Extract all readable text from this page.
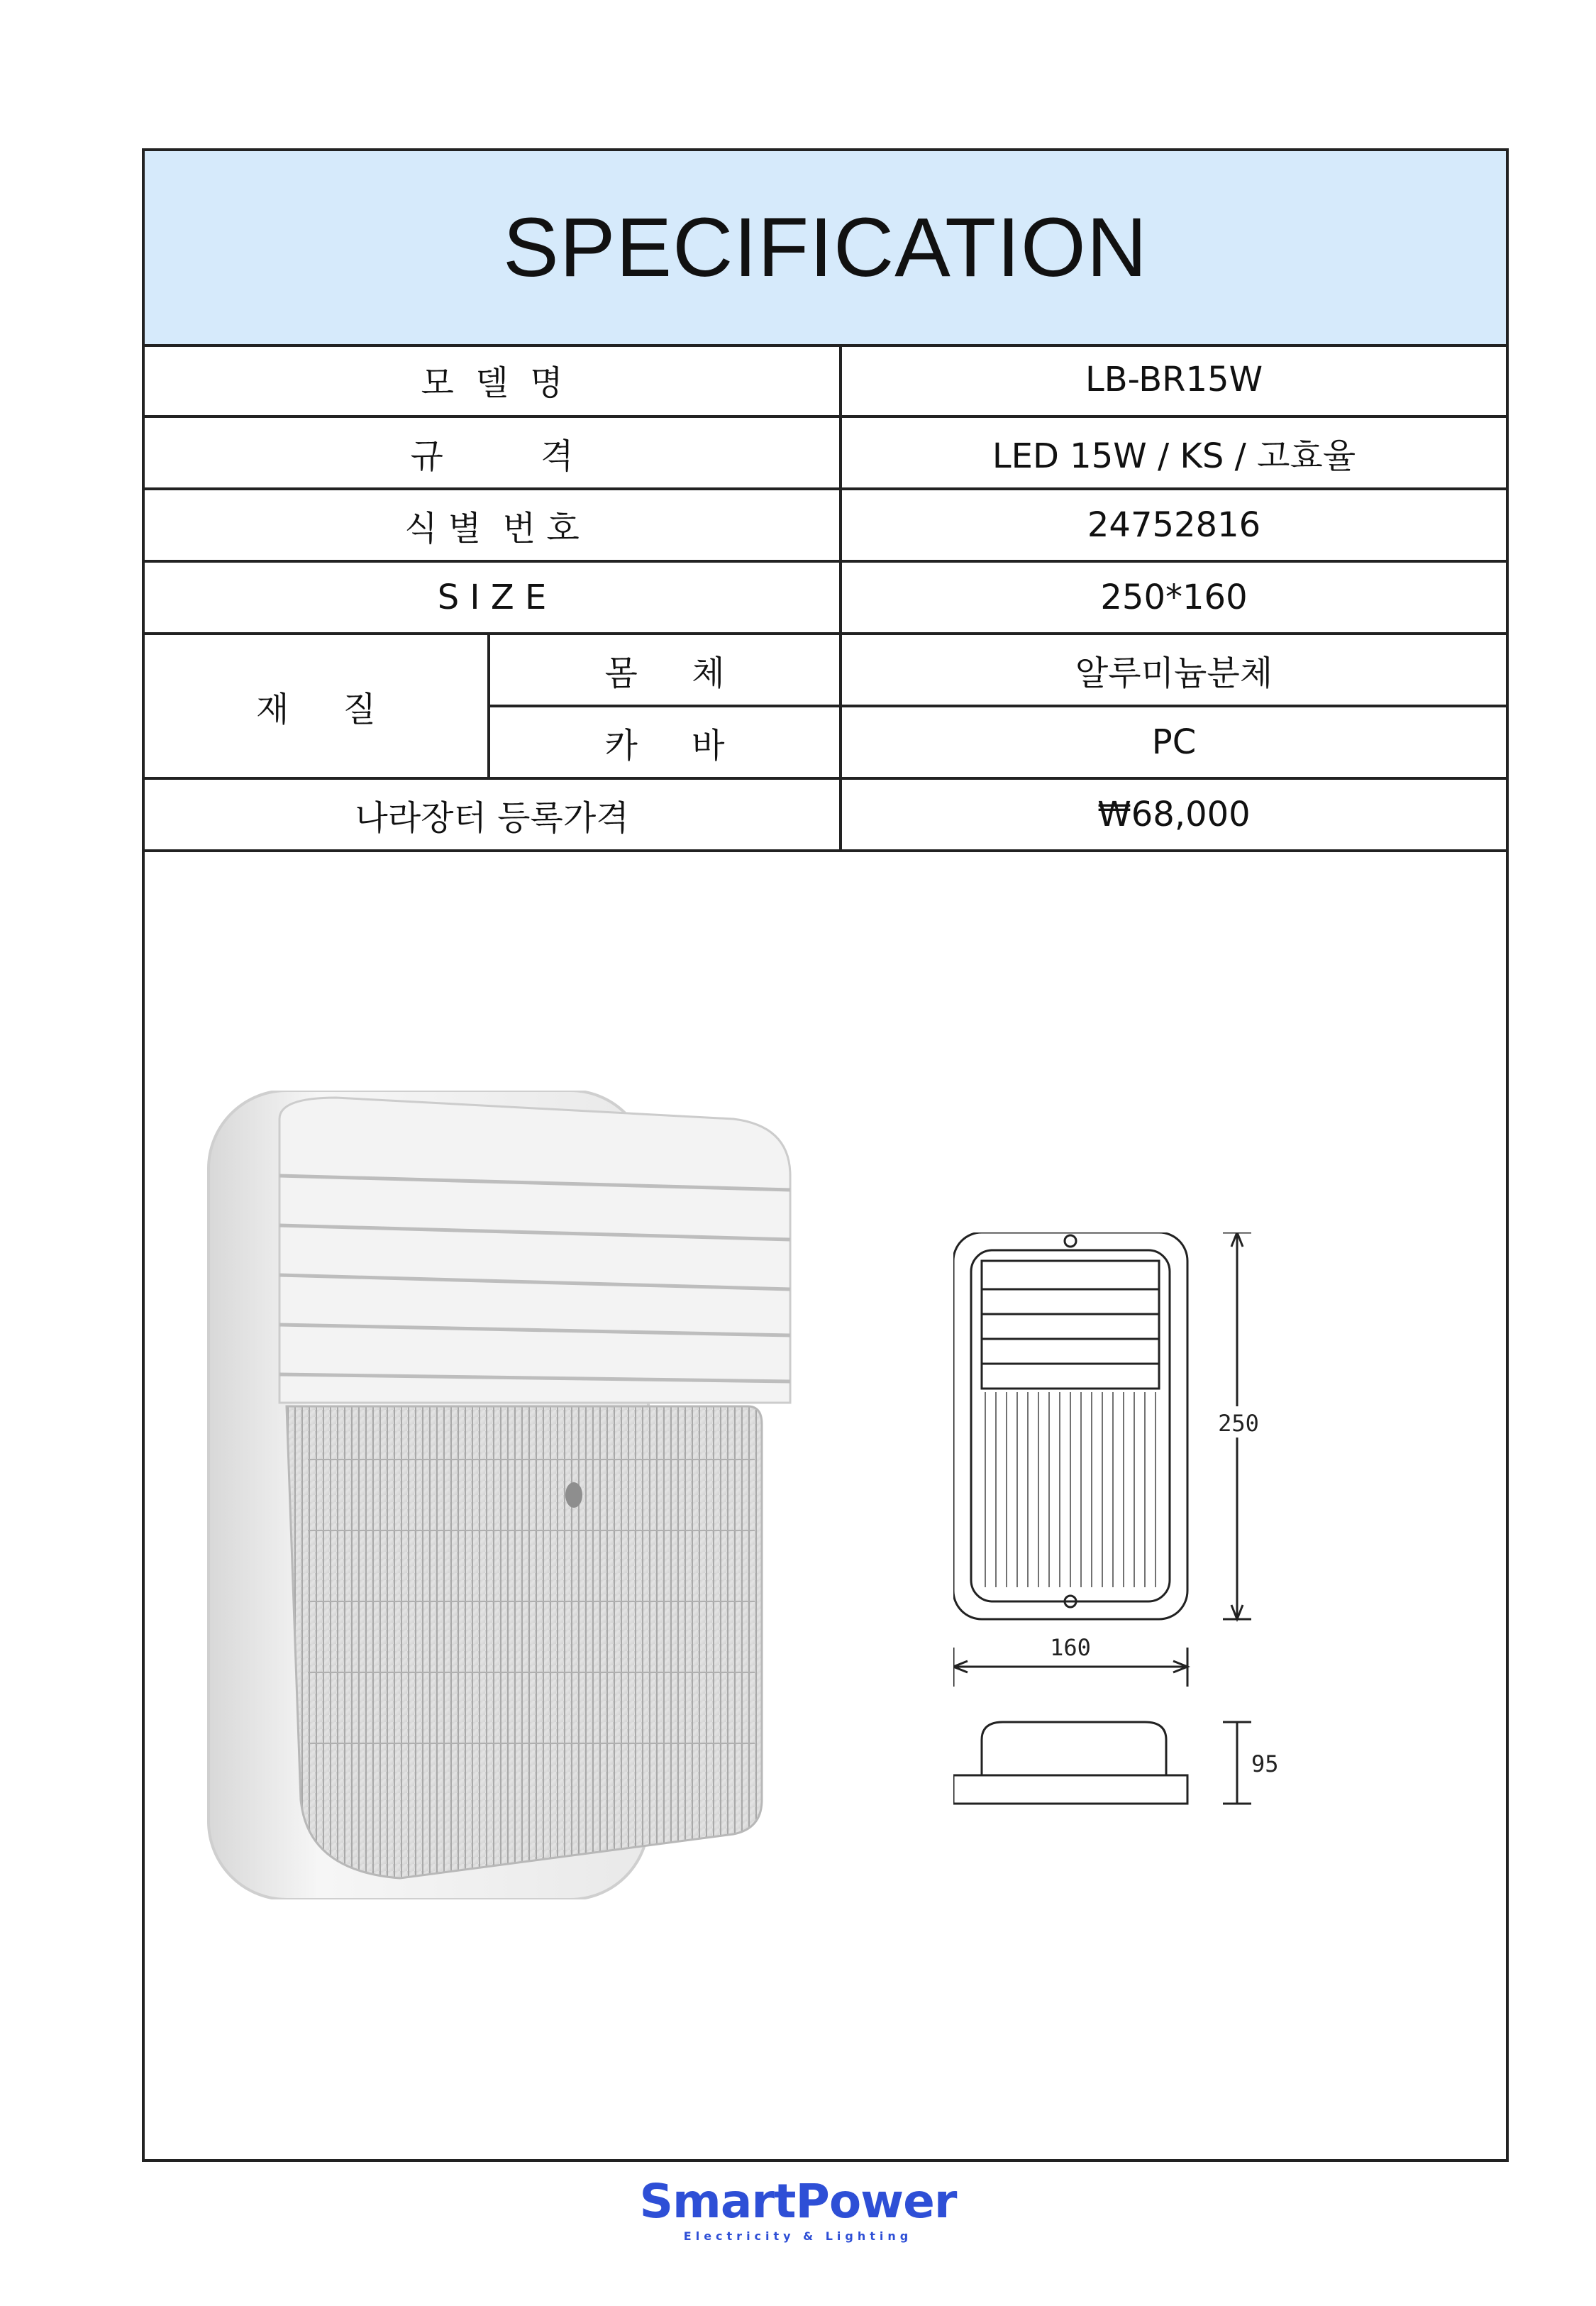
SPECIFICATION
모  델  명		LB-BR15W
규         격		LED 15W / KS / 고효율
식 별  번 호		24752816
S I Z E		250*160
재     질	몸     체	알루미늄분체
	카     바	PC
나라장터 등록가격		₩68,000
250
160
95
SmartPower
Electricity & Lighting
